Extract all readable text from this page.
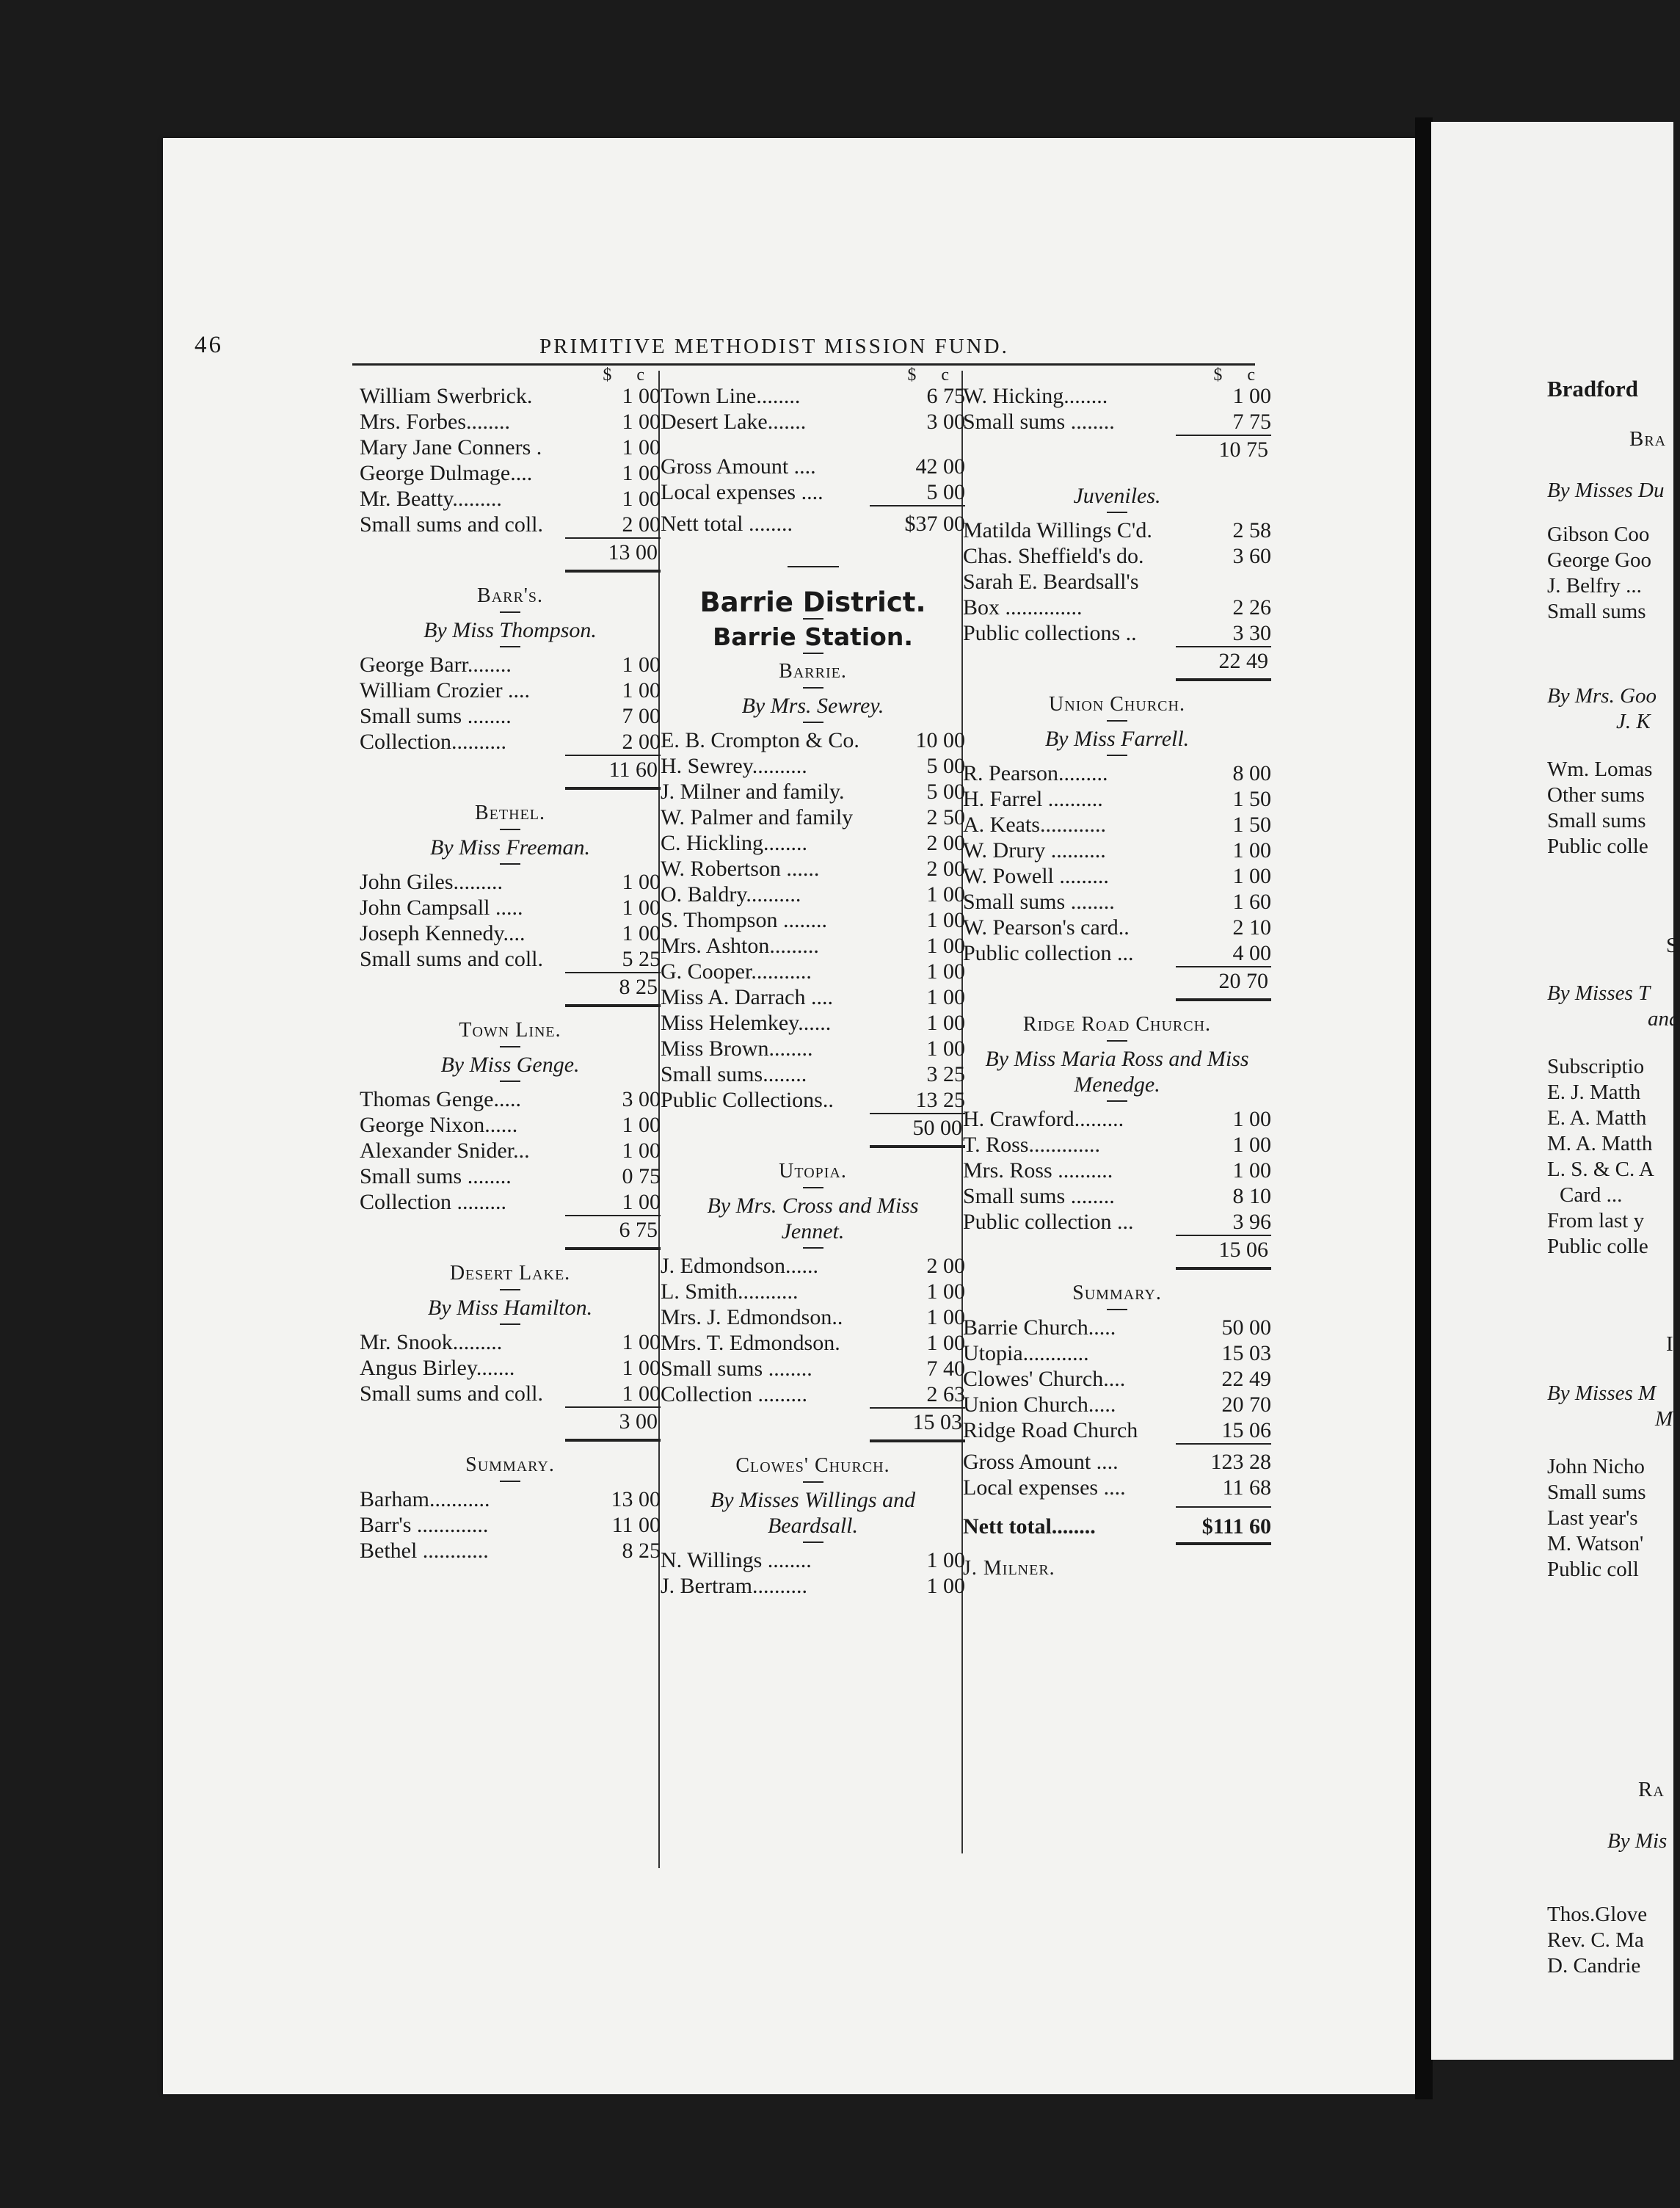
46	PRIMITIVE METHODIST MISSION FUND.
$ c
William Swerbrick.	1 00
Mrs. Forbes........	1 00
Mary Jane Conners .	1 00
George Dulmage....	1 00
Mr. Beatty.........	1 00
Small sums and coll.	2 00
13 00
Barr's.
By Miss Thompson.
George Barr........	1 00
William Crozier ....	1 00
Small sums ........	7 00
Collection..........	2 00
11 60
Bethel.
By Miss Freeman.
John Giles.........	1 00
John Campsall .....	1 00
Joseph Kennedy....	1 00
Small sums and coll.	5 25
8 25
Town Line.
By Miss Genge.
Thomas Genge.....	3 00
George Nixon......	1 00
Alexander Snider...	1 00
Small sums ........	0 75
Collection .........	1 00
6 75
Desert Lake.
By Miss Hamilton.
Mr. Snook.........	1 00
Angus Birley.......	1 00
Small sums and coll.	1 00
3 00
Summary.
Barham...........	13 00
Barr's .............	11 00
Bethel ............	8 25
$ c
Town Line........	6 75
Desert Lake.......	3 00
Gross Amount ....	42 00
Local expenses ....	5 00
Nett total ........	$37 00
Barrie District.
Barrie Station.
Barrie.
By Mrs. Sewrey.
E. B. Crompton & Co.	10 00
H. Sewrey..........	5 00
J. Milner and family.	5 00
W. Palmer and family	2 50
C. Hickling........	2 00
W. Robertson ......	2 00
O. Baldry..........	1 00
S. Thompson ........	1 00
Mrs. Ashton.........	1 00
G. Cooper...........	1 00
Miss A. Darrach ....	1 00
Miss Helemkey......	1 00
Miss Brown........	1 00
Small sums........	3 25
Public Collections..	13 25
50 00
Utopia.
By Mrs. Cross and Miss Jennet.
J. Edmondson......	2 00
L. Smith...........	1 00
Mrs. J. Edmondson..	1 00
Mrs. T. Edmondson.	1 00
Small sums ........	7 40
Collection .........	2 63
15 03
Clowes' Church.
By Misses Willings and Beardsall.
N. Willings ........	1 00
J. Bertram..........	1 00
$ c
W. Hicking........	1 00
Small sums ........	7 75
10 75
Juveniles.
Matilda Willings C'd.	2 58
Chas. Sheffield's do.	3 60
Sarah E. Beardsall's
Box ..............	2 26
Public collections ..	3 30
22 49
Union Church.
By Miss Farrell.
R. Pearson.........	8 00
H. Farrel ..........	1 50
A. Keats............	1 50
W. Drury ..........	1 00
W. Powell .........	1 00
Small sums ........	1 60
W. Pearson's card..	2 10
Public collection ...	4 00
20 70
Ridge Road Church.
By Miss Maria Ross and Miss Menedge.
H. Crawford.........	1 00
T. Ross.............	1 00
Mrs. Ross ..........	1 00
Small sums ........	8 10
Public collection ...	3 96
15 06
Summary.
Barrie Church.....	50 00
Utopia............	15 03
Clowes' Church....	22 49
Union Church.....	20 70
Ridge Road Church	15 06
Gross Amount ....	123 28
Local expenses ....	11 68
Nett total........	$111 60
J. Milner.
Bradford
Bra
By Misses Du
Gibson Coo
George Goo
J. Belfry ...
Small sums
By Mrs. Goo
J. K
Wm. Lomas
Other sums
Small sums
Public colle
S
By Misses T
and
Subscriptio
E. J. Matth
E. A. Matth
M. A. Matth
L. S. & C. A
Card ...
From last y
Public colle
I
By Misses M
M
John Nicho
Small sums
Last year's
M. Watson'
Public coll
Ra
By Mis
Thos.Glove
Rev. C. Ma
D. Candrie
